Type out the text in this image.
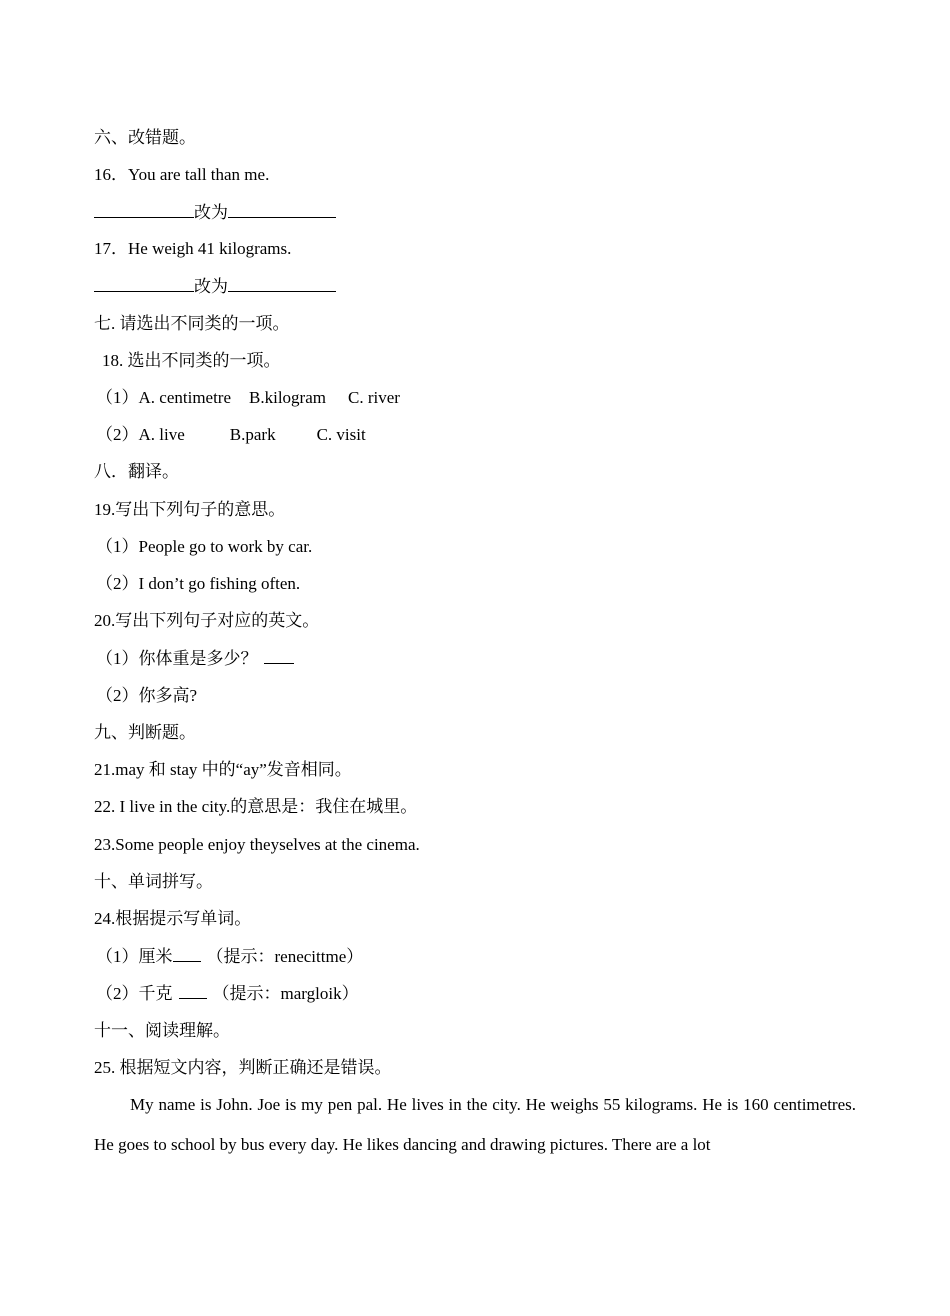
六、改错题。
16．You are tall than me.
改为
17．He weigh 41 kilograms.
改为
七. 请选出不同类的一项。
18. 选出不同类的一项。
（1）A. centimetre B.kilogram C. river
（2）A. live	B.park C. visit
八．翻译。
19.写出下列句子的意思。
（1）People go to work by car.
（2）I don’t go fishing often.
20.写出下列句子对应的英文。
（1）你体重是多少？
（2）你多高?
九、判断题。
21.may 和 stay 中的“ay”发音相同。
22. I live in the city.的意思是：我住在城里。
23.Some people enjoy theyselves at the cinema.
十、单词拼写。
24.根据提示写单词。
（1）厘米 （提示：renecittme）
（2）千克 （提示：margloik）
十一、阅读理解。
25. 根据短文内容，判断正确还是错误。
My name is John. Joe is my pen pal. He lives in the city. He weighs 55 kilograms. He is 160 centimetres. He goes to school by bus every day. He likes dancing and drawing pictures. There are a lot
